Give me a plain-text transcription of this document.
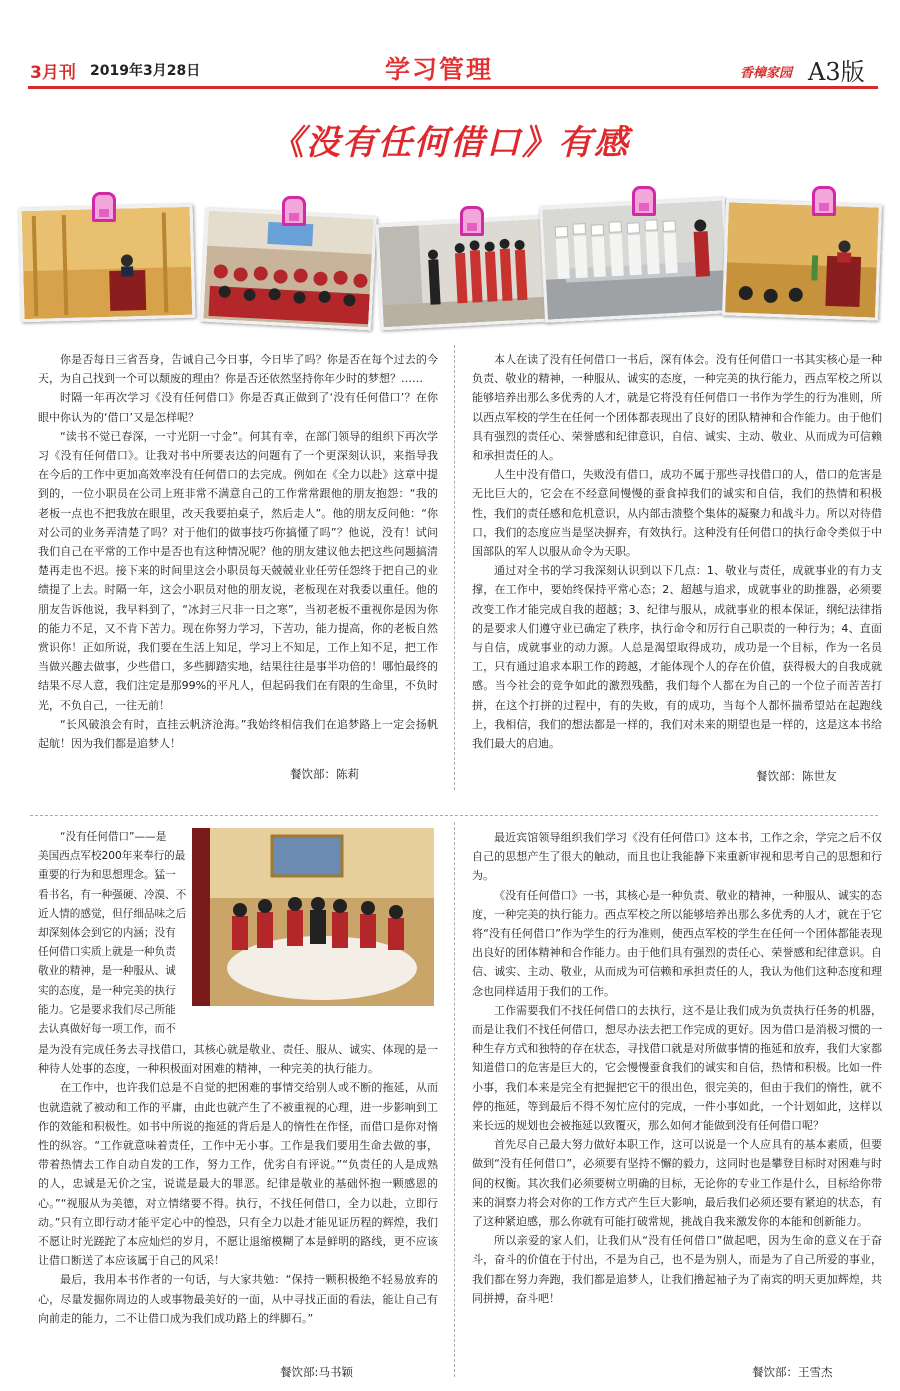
3月刊 2019年3月28日	学习管理	香樟家园 A3版
《没有任何借口》有感

你是否每日三省吾身，告诫自己今日事，今日毕了吗？你是否在每个过去的今天，为自己找到一个可以颓废的理由？你是否还依然坚持你年少时的梦想？……

时隔一年再次学习《没有任何借口》你是否真正做到了‘没有任何借口’？在你眼中你认为的‘借口’又是怎样呢？

“读书不觉已春深，一寸光阴一寸金”。何其有幸，在部门领导的组织下再次学习《没有任何借口》。让我对书中所要表达的问题有了一个更深刻认识，来指导我在今后的工作中更加高效率没有任何借口的去完成。例如在《全力以赴》这章中提到的，一位小职员在公司上班非常不满意自己的工作常常跟他的朋友抱怨：“我的老板一点也不把我放在眼里，改天我要拍桌子，然后走人”。他的朋友反问他：“你对公司的业务弄清楚了吗？对于他们的做事技巧你搞懂了吗”？他说，没有！试问我们自己在平常的工作中是否也有这种情况呢？他的朋友建议他去把这些问题搞清楚再走也不迟。接下来的时间里这会小职员每天兢兢业业任劳任怨终于把自己的业绩提了上去。时隔一年，这会小职员对他的朋友说，老板现在对我委以重任。他的朋友告诉他说，我早料到了，“冰封三尺非一日之寒”，当初老板不重视你是因为你的能力不足，又不肯下苦力。现在你努力学习，下苦功，能力提高，你的老板自然赏识你！正如所说，我们要在生活上知足，学习上不知足，工作上知不足，把工作当做兴趣去做事，少些借口，多些脚踏实地，结果往往是事半功倍的！哪怕最终的结果不尽人意，我们注定是那99%的平凡人，但起码我们在有限的生命里，不负时光，不负自己，一往无前！

“长风破浪会有时，直挂云帆济沧海。”我始终相信我们在追梦路上一定会扬帆起航！因为我们都是追梦人！

餐饮部：陈莉

本人在读了没有任何借口一书后，深有体会。没有任何借口一书其实核心是一种负责、敬业的精神，一种服从、诚实的态度，一种完美的执行能力，西点军校之所以能够培养出那么多优秀的人才，就是它将没有任何借口一书作为学生的行为准则，所以西点军校的学生在任何一个团体都表现出了良好的团队精神和合作能力。由于他们具有强烈的责任心、荣誉感和纪律意识，自信、诚实、主动、敬业、从而成为可信赖和承担责任的人。

人生中没有借口，失败没有借口，成功不属于那些寻找借口的人，借口的危害是无比巨大的，它会在不经意间慢慢的蚕食掉我们的诚实和自信，我们的热情和积极性，我们的责任感和危机意识，从内部击溃整个集体的凝聚力和战斗力。所以对待借口，我们的态度应当是坚决摒弃，有效执行。这种没有任何借口的执行命令类似于中国部队的军人以服从命令为天职。

通过对全书的学习我深刻认识到以下几点：1、敬业与责任，成就事业的有力支撑，在工作中，要始终保持平常心态；2、超越与追求，成就事业的助推器，必须要改变工作才能完成自我的超越；3、纪律与服从，成就事业的根本保证，纲纪法律指的是要求人们遵守业已确定了秩序，执行命令和厉行自己职责的一种行为；4、直面与自信，成就事业的动力源。人总是渴望取得成功，成功是一个目标，作为一名员工，只有通过追求本职工作的跨越，才能体现个人的存在价值，获得极大的自我成就感。当今社会的竞争如此的激烈残酷，我们每个人都在为自己的一个位子而苦苦打拼，在这个打拼的过程中，有的失败，有的成功，当每个人都怀揣希望站在起跑线上，我相信，我们的想法都是一样的，我们对未来的期望也是一样的，这是这本书给我们最大的启迪。

餐饮部：陈世友
“没有任何借口”——是
美国西点军校200年来奉行的最
重要的行为和思想理念。猛一
看书名，有一种强硬、冷漠、不
近人情的感觉，但仔细品味之后
却深刻体会到它的内涵；没有
任何借口实质上就是一种负责
敬业的精神，是一种服从、诚
实的态度，是一种完美的执行
能力。它是要求我们尽己所能
去认真做好每一项工作，而不

是为没有完成任务去寻找借口，其核心就是敬业、责任、服从、诚实、体现的是一种待人处事的态度，一种积极面对困难的精神，一种完美的执行能力。

在工作中，也许我们总是不自觉的把困难的事情交给别人或不断的拖延，从而也就造就了被动和工作的平庸，由此也就产生了不被重视的心理，进一步影响到工作的效能和积极性。如书中所说的拖延的背后是人的惰性在作怪，而借口是你对惰性的纵容。“工作就意味着责任，工作中无小事。工作是我们要用生命去做的事，带着热情去工作自动自发的工作，努力工作，优劣自有评说。”“负责任的人是成熟的人，忠诚是无价之宝，说谎是最大的罪恶。纪律是敬业的基础怀抱一颗感恩的心。”“视服从为美德，对立情绪要不得。执行，不找任何借口，全力以赴，立即行动。”只有立即行动才能平定心中的惶恐，只有全力以赴才能见证历程的辉煌，我们不愿让时光蹉跎了本应灿烂的岁月，不愿让退缩模糊了本是鲜明的路线，更不应该让借口断送了本应该属于自己的风采！

最后，我用本书作者的一句话，与大家共勉：“保持一颗积极绝不轻易放弃的心，尽量发掘你周边的人或事物最美好的一面，从中寻找正面的看法，能让自己有向前走的能力，二不让借口成为我们成功路上的绊脚石。”

餐饮部:马书颖

最近宾馆领导组织我们学习《没有任何借口》这本书，工作之余，学完之后不仅自己的思想产生了很大的触动，而且也让我能静下来重新审视和思考自己的思想和行为。

《没有任何借口》一书，其核心是一种负责、敬业的精神，一种服从、诚实的态度，一种完美的执行能力。西点军校之所以能够培养出那么多优秀的人才，就在于它将“没有任何借口”作为学生的行为准则，使西点军校的学生在任何一个团体都能表现出良好的团体精神和合作能力。由于他们具有强烈的责任心、荣誉感和纪律意识。自信、诚实、主动、敬业，从而成为可信赖和承担责任的人，我认为他们这种态度和理念也同样适用于我们的工作。

工作需要我们不找任何借口的去执行，这不是让我们成为负责执行任务的机器，而是让我们不找任何借口，想尽办法去把工作完成的更好。因为借口是消极习惯的一种生存方式和独特的存在状态，寻找借口就是对所做事情的拖延和放弃，我们大家都知道借口的危害是巨大的，它会慢慢蚕食我们的诚实和自信，热情和积极。比如一件小事，我们本来是完全有把握把它干的很出色，很完美的，但由于我们的惰性，就不停的拖延，等到最后不得不匆忙应付的完成，一件小事如此，一个计划如此，这样以来长远的规划也会被拖延以致覆灭，那么如何才能做到没有任何借口呢？

首先尽自己最大努力做好本职工作，这可以说是一个人应具有的基本素质，但要做到“没有任何借口”，必须要有坚持不懈的毅力，这同时也是攀登目标时对困难与时间的权衡。其次我们必须要树立明确的目标，无论你的专业工作是什么，目标给你带来的洞察力将会对你的工作方式产生巨大影响，最后我们必须还要有紧迫的状态，有了这种紧迫感，那么你就有可能打破常规，挑战自我来激发你的本能和创新能力。

所以亲爱的家人们，让我们从“没有任何借口”做起吧，因为生命的意义在于奋斗，奋斗的价值在于付出，不是为自己，也不是为别人，而是为了自己所爱的事业，我们都在努力奔跑，我们都是追梦人，让我们撸起袖子为了南宾的明天更加辉煌，共同拼搏，奋斗吧！

餐饮部：王雪杰
